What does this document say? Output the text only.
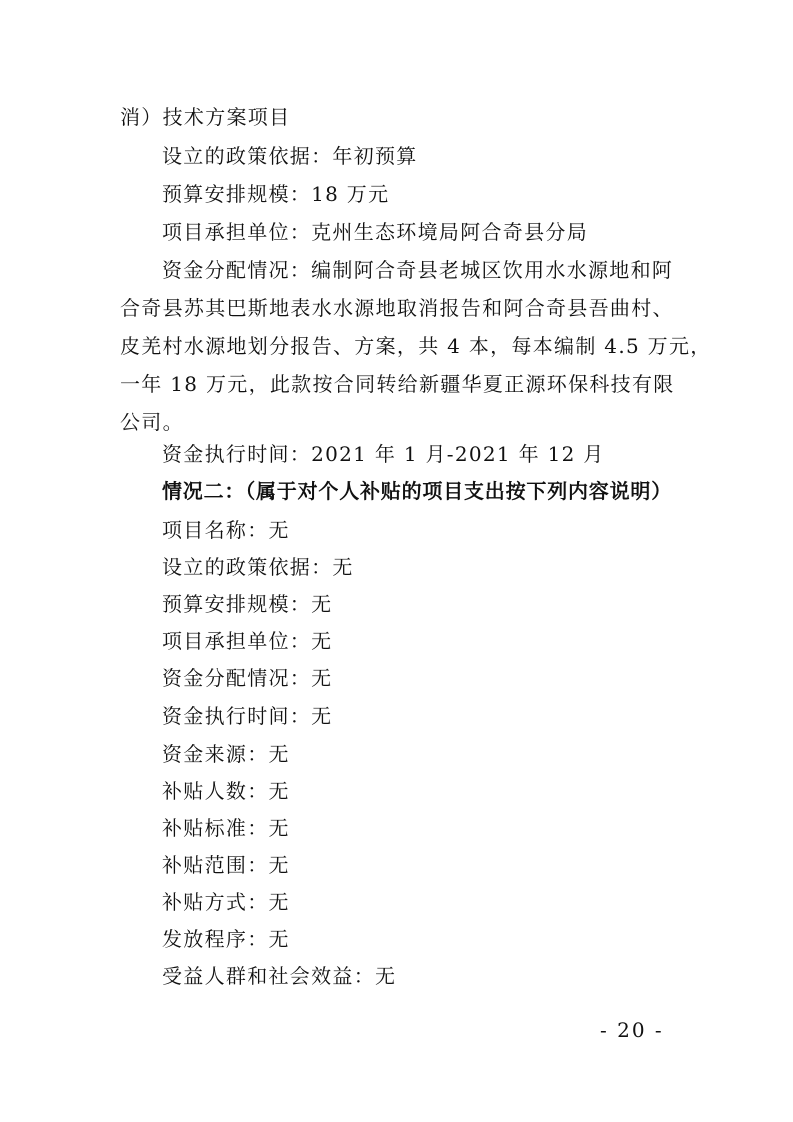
消）技术方案项目
设立的政策依据：年初预算
预算安排规模：18 万元
项目承担单位：克州生态环境局阿合奇县分局
资金分配情况：编制阿合奇县老城区饮用水水源地和阿
合奇县苏其巴斯地表水水源地取消报告和阿合奇县吾曲村、
皮羌村水源地划分报告、方案，共 4 本，每本编制 4.5 万元，
一年 18 万元，此款按合同转给新疆华夏正源环保科技有限
公司。
资金执行时间：2021 年 1 月-2021 年 12 月
情况二：（属于对个人补贴的项目支出按下列内容说明）
项目名称：无
设立的政策依据：无
预算安排规模：无
项目承担单位：无
资金分配情况：无
资金执行时间：无
资金来源：无
补贴人数：无
补贴标准：无
补贴范围：无
补贴方式：无
发放程序：无
受益人群和社会效益：无
- 20 -
